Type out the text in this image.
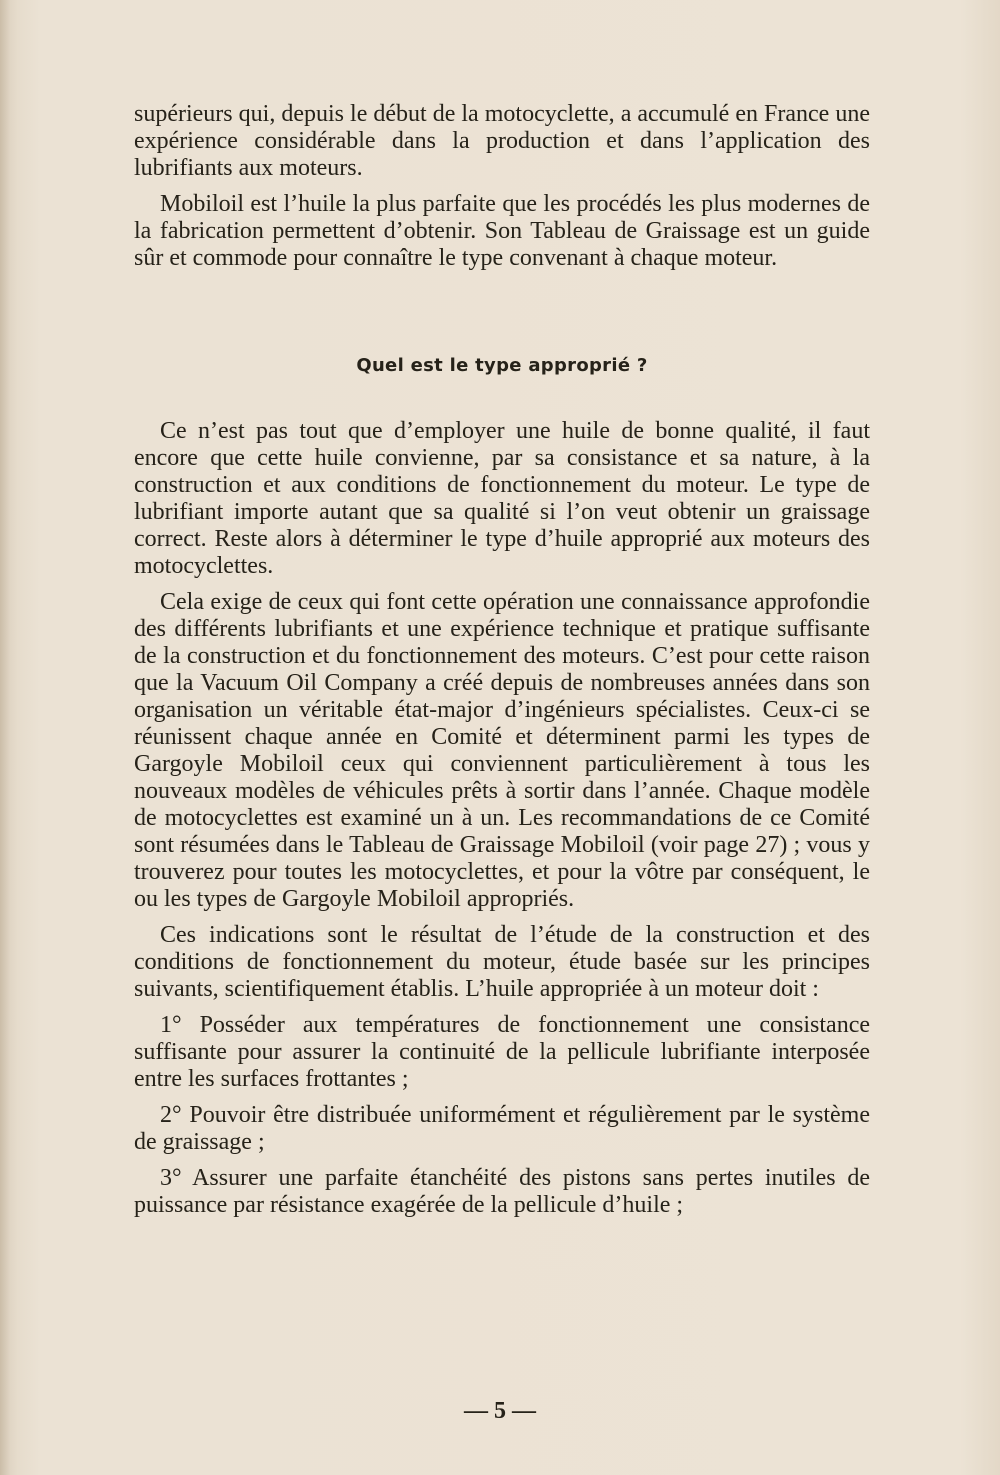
supérieurs qui, depuis le début de la motocyclette, a accumulé en France une expérience considérable dans la production et dans l’application des lubrifiants aux moteurs.

Mobiloil est l’huile la plus parfaite que les procédés les plus modernes de la fabrication permettent d’obtenir. Son Tableau de Graissage est un guide sûr et commode pour connaître le type convenant à chaque moteur.

Quel est le type approprié ?

Ce n’est pas tout que d’employer une huile de bonne qualité, il faut encore que cette huile convienne, par sa consistance et sa nature, à la construction et aux conditions de fonctionnement du moteur. Le type de lubrifiant importe autant que sa qualité si l’on veut obtenir un graissage correct. Reste alors à déterminer le type d’huile approprié aux moteurs des motocyclettes.

Cela exige de ceux qui font cette opération une connaissance approfondie des différents lubrifiants et une expérience technique et pratique suffisante de la construction et du fonctionnement des moteurs. C’est pour cette raison que la Vacuum Oil Company a créé depuis de nombreuses années dans son organisation un véritable état-major d’ingénieurs spécialistes. Ceux-ci se réunissent chaque année en Comité et déterminent parmi les types de Gargoyle Mobiloil ceux qui conviennent particulièrement à tous les nouveaux modèles de véhicules prêts à sortir dans l’année. Chaque modèle de motocyclettes est examiné un à un. Les recommandations de ce Comité sont résumées dans le Tableau de Graissage Mobiloil (voir page 27) ; vous y trouverez pour toutes les motocyclettes, et pour la vôtre par conséquent, le ou les types de Gargoyle Mobiloil appropriés.

Ces indications sont le résultat de l’étude de la construction et des conditions de fonctionnement du moteur, étude basée sur les principes suivants, scientifiquement établis. L’huile appropriée à un moteur doit :

1° Posséder aux températures de fonctionnement une consistance suffisante pour assurer la continuité de la pellicule lubrifiante interposée entre les surfaces frottantes ;

2° Pouvoir être distribuée uniformément et régulièrement par le système de graissage ;

3° Assurer une parfaite étanchéité des pistons sans pertes inutiles de puissance par résistance exagérée de la pellicule d’huile ;

— 5 —
